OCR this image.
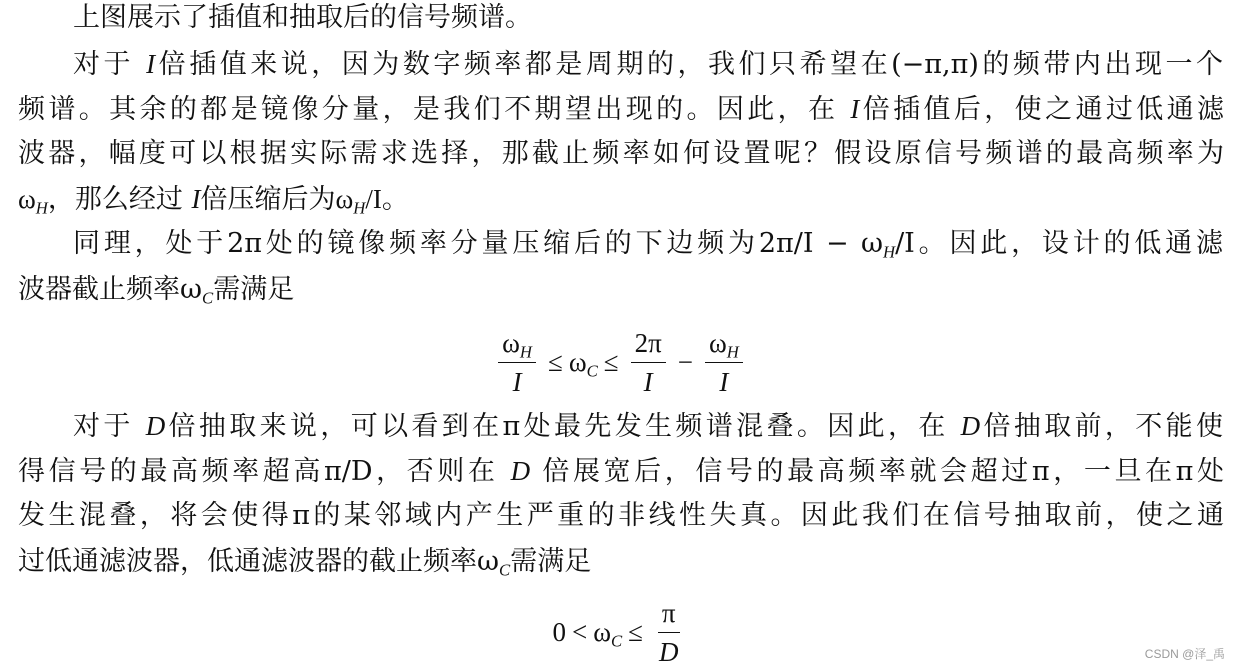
上图展示了插值和抽取后的信号频谱。
对于 I倍插值来说，因为数字频率都是周期的，我们只希望在(−π,π)的频带内出现一个
频谱。其余的都是镜像分量，是我们不期望出现的。因此，在 I倍插值后，使之通过低通滤
波器，幅度可以根据实际需求选择，那截止频率如何设置呢？假设原信号频谱的最高频率为
$\omega_H$，那么经过 I倍压缩后为$\omega_H/I$。
同理，处于2π处的镜像频率分量压缩后的下边频为$2\pi/I - \omega_H/I$。因此，设计的低通滤
波器截止频率$\omega_C$需满足
$\frac{\omega_H}{I} \le \omega_C \le \frac{2\pi}{I} - \frac{\omega_H}{I}$
对于 D倍抽取来说，可以看到在π处最先发生频谱混叠。因此，在 D倍抽取前，不能使
得信号的最高频率超高π/D，否则在 D 倍展宽后，信号的最高频率就会超过π，一旦在π处
发生混叠，将会使得π的某邻域内产生严重的非线性失真。因此我们在信号抽取前，使之通
过低通滤波器，低通滤波器的截止频率$\omega_C$需满足
$0 < \omega_C \le \frac{\pi}{D}$	CSDN @泽_禹
